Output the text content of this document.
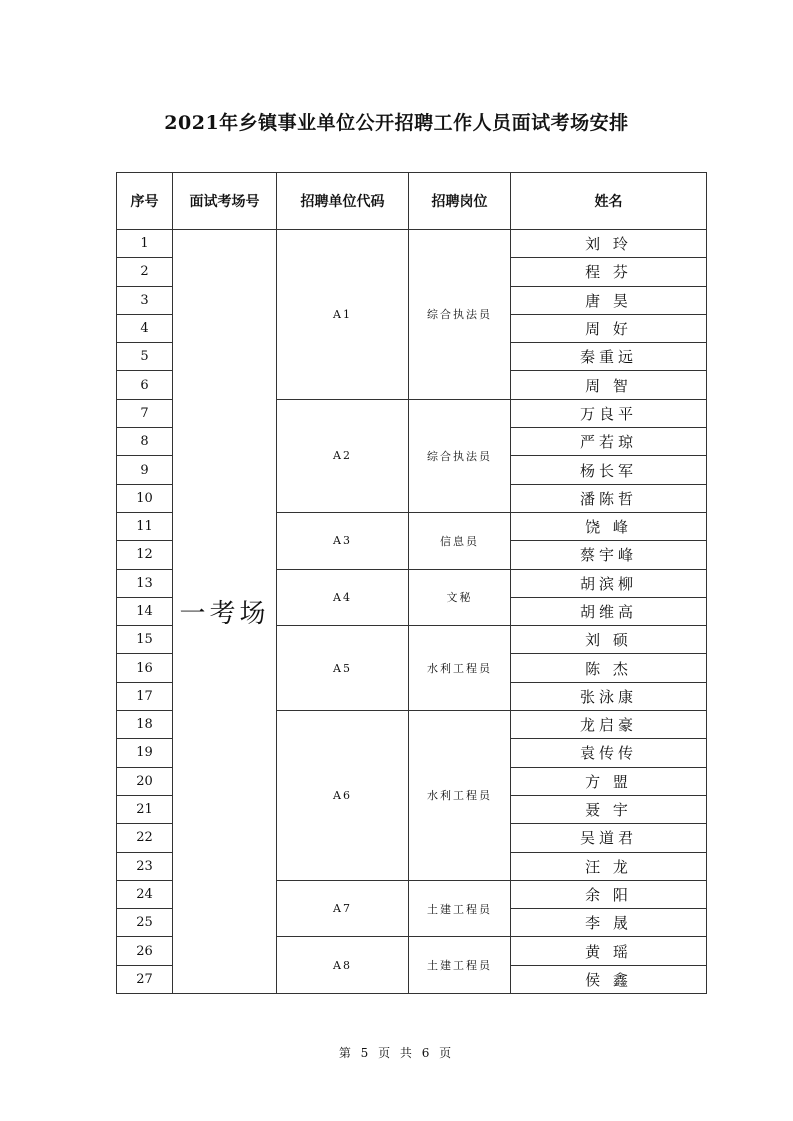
2021年乡镇事业单位公开招聘工作人员面试考场安排
序号	面试考场号	招聘单位代码	招聘岗位	姓名
1	一考场	A1	综合执法员	刘 玲
2				程 芬
3				唐 昊
4				周 好
5				秦重远
6				周 智
7		A2	综合执法员	万良平
8				严若琼
9				杨长军
10				潘陈哲
11		A3	信息员	饶 峰
12				蔡宇峰
13		A4	文秘	胡滨柳
14				胡维高
15		A5	水利工程员	刘 硕
16				陈 杰
17				张泳康
18		A6	水利工程员	龙启豪
19				袁传传
20				方 盟
21				聂 宇
22				吴道君
23				汪 龙
24		A7	土建工程员	余 阳
25				李 晟
26		A8	土建工程员	黄 瑶
27				侯 鑫
第 5 页 共 6 页
